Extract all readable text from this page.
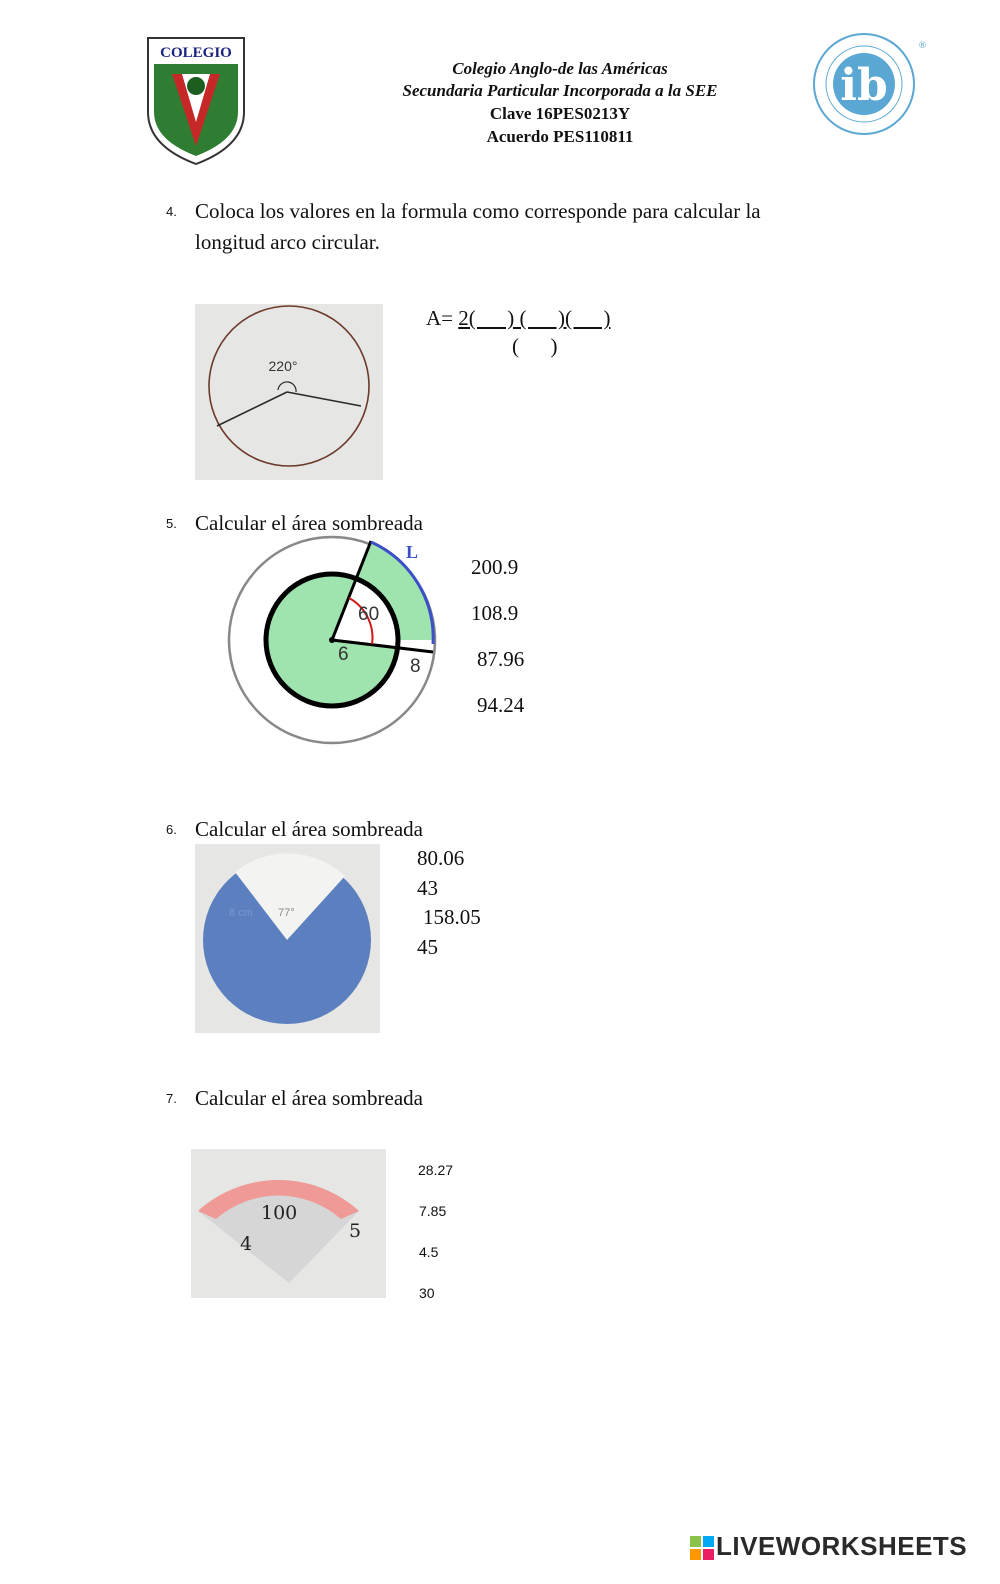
COLEGIO
Colegio Anglo-de las Américas
Secundaria Particular Incorporada a la SEE
Clave 16PES0213Y
Acuerdo PES110811
ib
®
4. Coloca los valores en la formula como corresponde para calcular la longitud arco circular.
220°
A= 2(      ) (      )(      )
(      )
5. Calcular el área sombreada
L
60
6
8
200.9
108.9
87.96
94.24
6. Calcular el área sombreada
8 cm 77°
80.06
43
158.05
45
7. Calcular el área sombreada
100
4
5
28.27
7.85
4.5
30
LIVEWORKSHEETS
